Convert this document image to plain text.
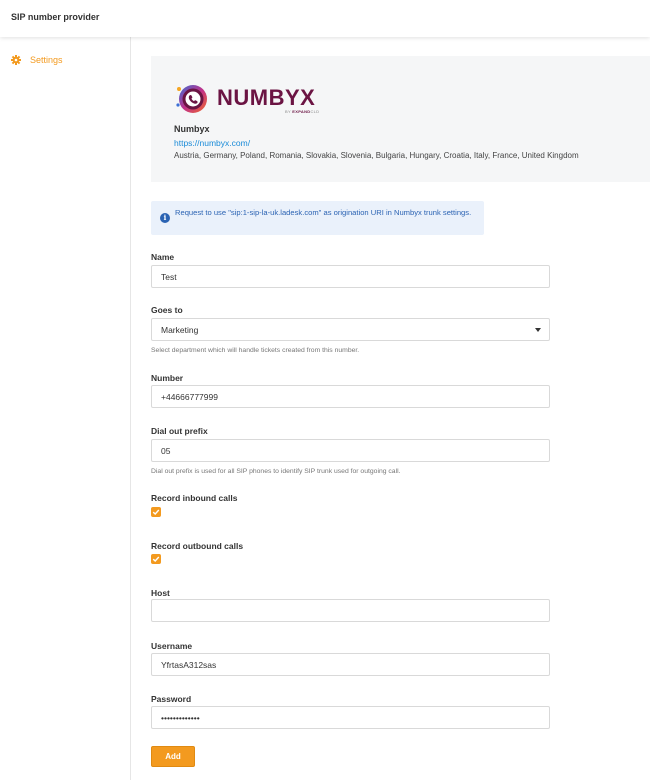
SIP number provider
Settings
NUMBYX
BY EXPANDCLD
Numbyx
https://numbyx.com/
Austria, Germany, Poland, Romania, Slovakia, Slovenia, Bulgaria, Hungary, Croatia, Italy, France, United Kingdom
i
Request to use "sip:1-sip-la-uk.ladesk.com" as origination URI in Numbyx trunk settings.
Name
Test
Goes to
Marketing
Select department which will handle tickets created from this number.
Number
+44666777999
Dial out prefix
05
Dial out prefix is used for all SIP phones to identify SIP trunk used for outgoing call.
Record inbound calls
Record outbound calls
Host
Username
YfrtasA312sas
Password
•••••••••••••
Add
